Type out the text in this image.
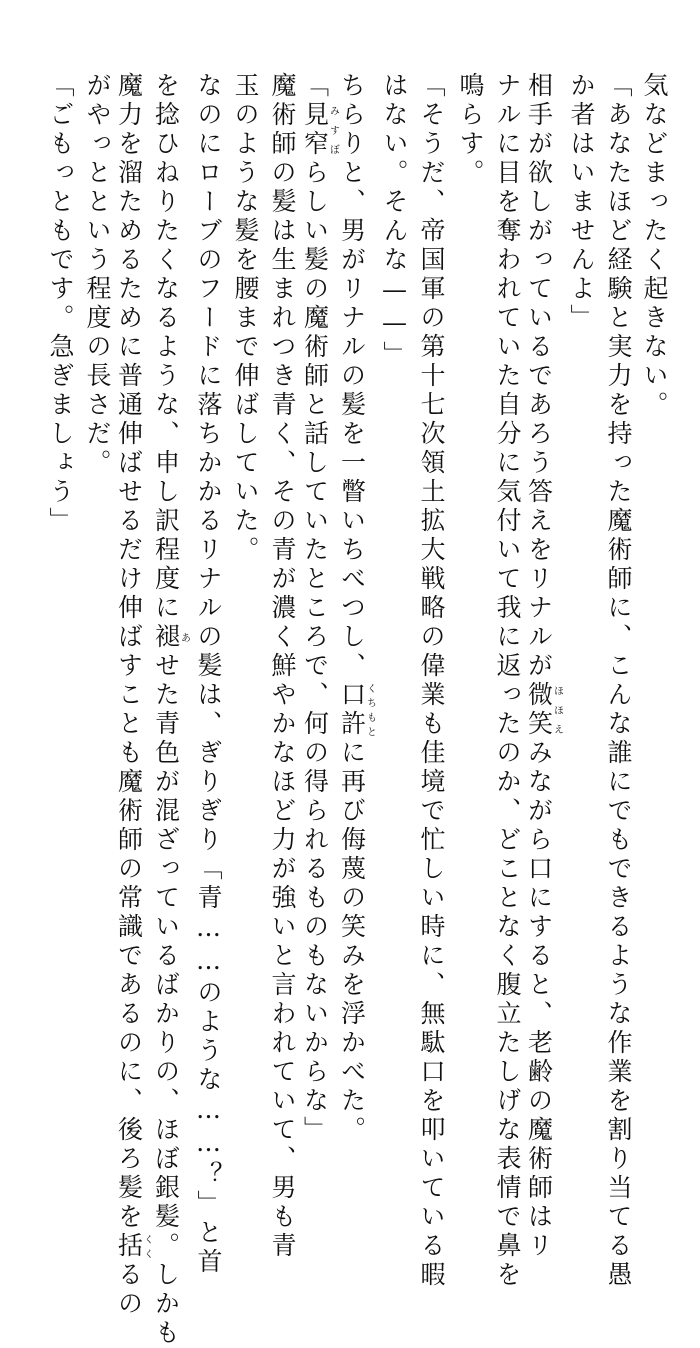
「そうだ、帝国軍の第十七次領土拡大戦略の偉業も佳境で忙しい時に、無駄口を叩いている暇
はない。そんな——」
ちらりと、男がリナルの髪を一瞥いちべつし、口許くちもとに再び侮蔑の笑みを浮かべた。
「見窄みすぼらしい髪の魔術師と話していたところで、何の得られるものもないからな」
魔術師の髪は生まれつき青く、その青が濃く鮮やかなほど力が強いと言われていて、男も青
玉のような髪を腰まで伸ばしていた。
なのにローブのフードに落ちかかるリナルの髪は、ぎりぎり「青……のような……？」と首
を捻ひねりたくなるような、申し訳程度に褪あせた青色が混ざっているばかりの、ほぼ銀髪。しかも
魔力を溜ためるために普通伸ばせるだけ伸ばすことも魔術師の常識であるのに、後ろ髪を括くくるの
がやっとという程度の長さだ。
「ごもっともです。急ぎましょう」	気などまったく起きない。
「あなたほど経験と実力を持った魔術師に、こんな誰にでもできるような作業を割り当てる愚
か者はいませんよ」
相手が欲しがっているであろう答えをリナルが微笑ほほえみながら口にすると、老齢の魔術師はリ
ナルに目を奪われていた自分に気付いて我に返ったのか、どことなく腹立たしげな表情で鼻を
鳴らす。
